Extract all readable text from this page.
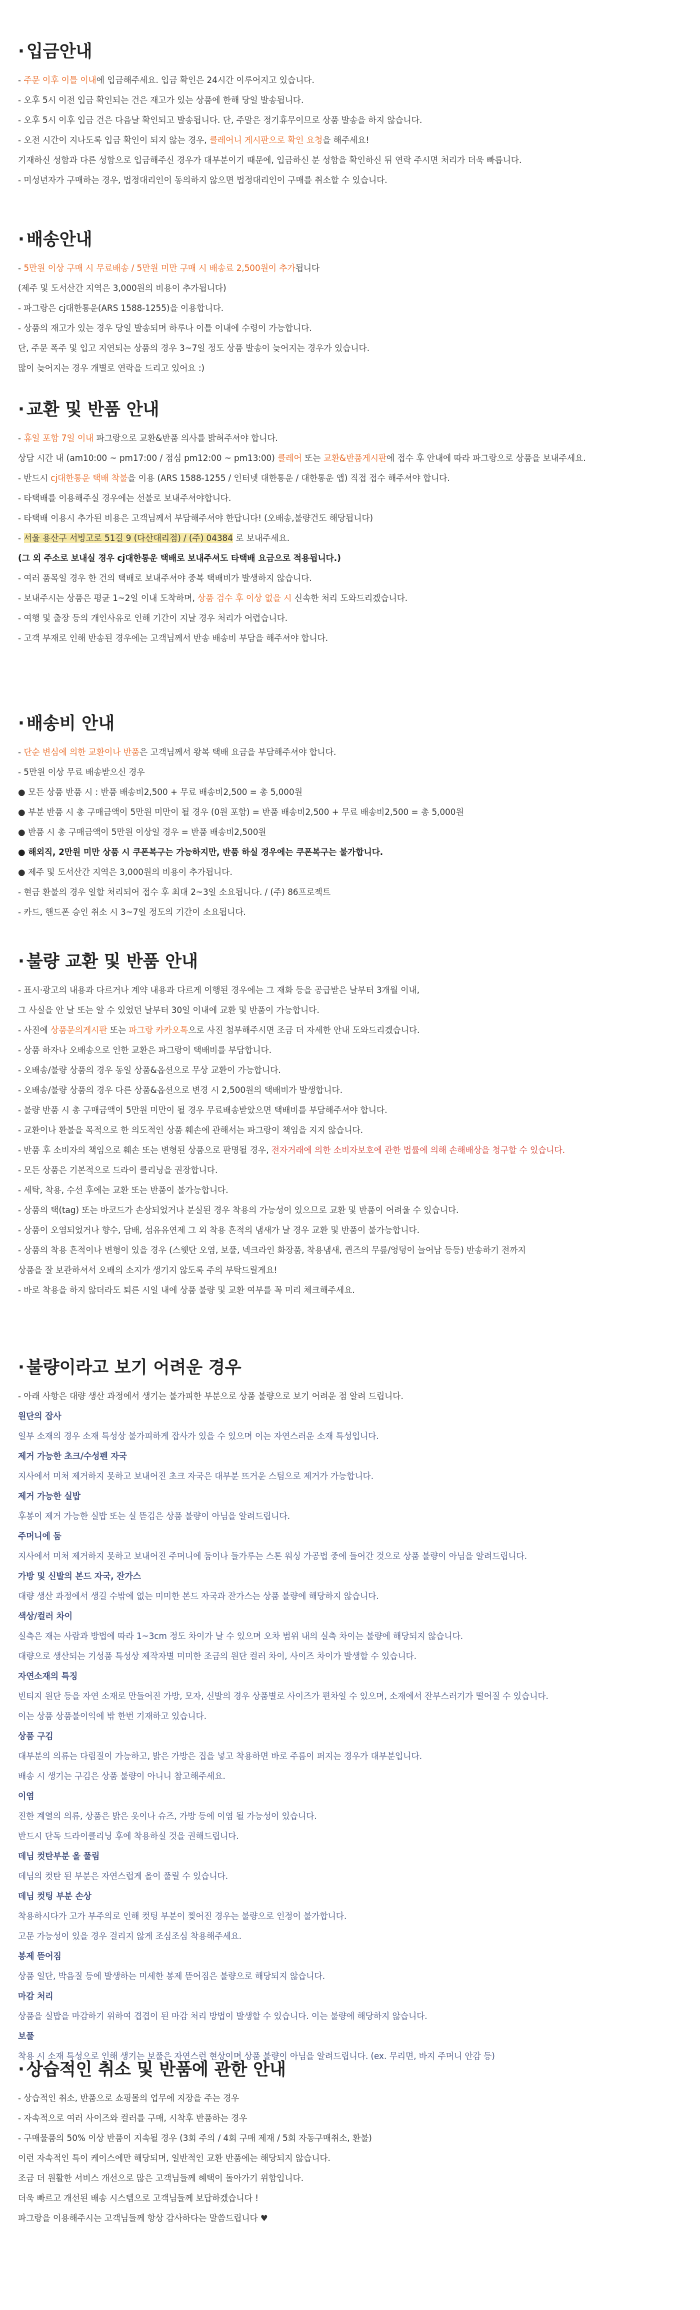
· 입금안내
- 주문 이후 이틀 이내에 입금해주세요. 입금 확인은 24시간 이루어지고 있습니다.
- 오후 5시 이전 입금 확인되는 건은 재고가 있는 상품에 한해 당일 발송됩니다.
- 오후 5시 이후 입금 건은 다음날 확인되고 발송됩니다. 단, 주말은 정기휴무이므로 상품 발송을 하지 않습니다.
- 오전 시간이 지나도록 입금 확인이 되지 않는 경우, 클레어니 게시판으로 확인 요청을 해주세요!
기재하신 성함과 다른 성함으로 입금해주신 경우가 대부분이기 때문에, 입금하신 분 성함을 확인하신 뒤 연락 주시면 처리가 더욱 빠릅니다.
- 미성년자가 구매하는 경우, 법정대리인이 동의하지 않으면 법정대리인이 구매를 취소할 수 있습니다.
· 배송안내
- 5만원 이상 구매 시 무료배송 / 5만원 미만 구매 시 배송료 2,500원이 추가됩니다
(제주 및 도서산간 지역은 3,000원의 비용이 추가됩니다)
- 파그랑은 cj대한통운(ARS 1588-1255)을 이용합니다.
- 상품의 재고가 있는 경우 당일 발송되며 하루나 이틀 이내에 수령이 가능합니다.
단, 주문 폭주 및 입고 지연되는 상품의 경우 3~7일 정도 상품 발송이 늦어지는 경우가 있습니다.
많이 늦어지는 경우 개별로 연락을 드리고 있어요 :)
· 교환 및 반품 안내
- 휴일 포함 7일 이내 파그랑으로 교환&반품 의사를 밝혀주셔야 합니다.
상담 시간 내 (am10:00 ~ pm17:00 / 점심 pm12:00 ~ pm13:00) 클레어 또는 교환&반품게시판에 접수 후 안내에 따라 파그랑으로 상품을 보내주세요.
- 반드시 cj대한통운 택배 착불을 이용 (ARS 1588-1255 / 인터넷 대한통운 / 대한통운 앱) 직접 접수 해주셔야 합니다.
- 타택배를 이용해주실 경우에는 선불로 보내주셔야합니다.
- 타택배 이용시 추가된 비용은 고객님께서 부담해주셔야 한답니다! (오배송,불량건도 해당됩니다)
- 서울 용산구 서빙고로 51길 9 (다산대리점) / (주) 04384 로 보내주세요.
(그 외 주소로 보내실 경우 cj대한통운 택배로 보내주셔도 타택배 요금으로 적용됩니다.)
- 여러 품목일 경우 한 건의 택배로 보내주셔야 중복 택배비가 발생하지 않습니다.
- 보내주시는 상품은 평균 1~2일 이내 도착하며, 상품 검수 후 이상 없을 시 신속한 처리 도와드리겠습니다.
- 여행 및 출장 등의 개인사유로 인해 기간이 지날 경우 처리가 어렵습니다.
- 고객 부재로 인해 반송된 경우에는 고객님께서 반송 배송비 부담을 해주셔야 합니다.
· 배송비 안내
- 단순 변심에 의한 교환이나 반품은 고객님께서 왕복 택배 요금을 부담해주셔야 합니다.
- 5만원 이상 무료 배송받으신 경우
● 모든 상품 반품 시 : 반품 배송비2,500 + 무료 배송비2,500 = 총 5,000원
● 부분 반품 시 총 구매금액이 5만원 미만이 될 경우 (0원 포함) = 반품 배송비2,500 + 무료 배송비2,500 = 총 5,000원
● 반품 시 총 구매금액이 5만원 이상일 경우 = 반품 배송비2,500원
● 해외직, 2만원 미만 상품 시 쿠폰복구는 가능하지만, 반품 하실 경우에는 쿠폰복구는 불가합니다.
● 제주 및 도서산간 지역은 3,000원의 비용이 추가됩니다.
- 현금 환불의 경우 일할 처리되어 접수 후 최대 2~3일 소요됩니다. / (주) 86프로젝트
- 카드, 핸드폰 승인 취소 시 3~7일 정도의 기간이 소요됩니다.
· 불량 교환 및 반품 안내
- 표시·광고의 내용과 다르거나 계약 내용과 다르게 이행된 경우에는 그 재화 등을 공급받은 날부터 3개월 이내,
그 사실을 안 날 또는 알 수 있었던 날부터 30일 이내에 교환 및 반품이 가능합니다.
- 사진에 상품문의게시판 또는 파그랑 카카오톡으로 사진 첨부해주시면 조금 더 자세한 안내 도와드리겠습니다.
- 상품 하자나 오배송으로 인한 교환은 파그랑이 택배비를 부담합니다.
- 오배송/불량 상품의 경우 동일 상품&옵션으로 무상 교환이 가능합니다.
- 오배송/불량 상품의 경우 다른 상품&옵션으로 변경 시 2,500원의 택배비가 발생합니다.
- 불량 반품 시 총 구매금액이 5만원 미만이 될 경우 무료배송받았으면 택배비를 부담해주셔야 합니다.
- 교환이나 환불을 목적으로 한 의도적인 상품 훼손에 관해서는 파그랑이 책임을 지지 않습니다.
- 반품 후 소비자의 책임으로 훼손 또는 변형된 상품으로 판명될 경우, 전자거래에 의한 소비자보호에 관한 법률에 의해 손해배상을 청구할 수 있습니다.
- 모든 상품은 기본적으로 드라이 클리닝을 권장합니다.
- 세탁, 착용, 수선 후에는 교환 또는 반품이 불가능합니다.
- 상품의 택(tag) 또는 바코드가 손상되었거나 분실된 경우 착용의 가능성이 있으므로 교환 및 반품이 어려울 수 있습니다.
- 상품이 오염되었거나 향수, 담배, 섬유유연제 그 외 착용 흔적의 냄새가 날 경우 교환 및 반품이 불가능합니다.
- 상품의 착용 흔적이나 변형이 있을 경우 (스웻단 오염, 보풀, 넥크라인 화장품, 착용냄새, 퀸즈의 무릎/엉덩이 늘어남 등등) 반송하기 전까지
상품을 잘 보관하셔서 오배의 소지가 생기지 않도록 주의 부탁드릴게요!
- 바로 착용을 하지 않더라도 퇴른 시일 내에 상품 불량 및 교환 여부를 꼭 미리 체크해주세요.
· 불량이라고 보기 어려운 경우
- 아래 사항은 대량 생산 과정에서 생기는 불가피한 부분으로 상품 불량으로 보기 어려운 점 알려 드립니다.
원단의 잡사
일부 소재의 경우 소재 특성상 불가피하게 잡사가 있을 수 있으며 이는 자연스러운 소재 특성입니다.
제거 가능한 초크/수성펜 자국
지사에서 미처 제거하지 못하고 보내어진 초크 자국은 대부분 뜨거운 스팀으로 제거가 가능합니다.
제거 가능한 실밥
후봉이 제거 가능한 실밥 또는 실 뜯김은 상품 불량이 아님을 알려드립니다.
주머니에 둠
지사에서 미처 제거하지 못하고 보내어진 주머니에 둠이나 들가루는 스톤 워싱 가공법 중에 들어간 것으로 상품 불량이 아님을 알려드립니다.
가방 및 신발의 본드 자국, 잔가스
대량 생산 과정에서 생길 수밖에 없는 미미한 본드 자국과 잔가스는 상품 불량에 해당하지 않습니다.
색상/컬러 차이
실측은 재는 사람과 방법에 따라 1~3cm 정도 차이가 날 수 있으며 오차 범위 내의 실측 차이는 불량에 해당되지 않습니다.
대량으로 생산되는 기성품 특성상 제작자별 미미한 조금의 원단 컬러 차이, 사이즈 차이가 발생할 수 있습니다.
자연소재의 특징
빈티지 원단 등을 자연 소재로 만들어진 가방, 모자, 신발의 경우 상품별로 사이즈가 편차일 수 있으며, 소재에서 잔부스러기가 떨어질 수 있습니다.
이는 상품 상품불이익에 밖 한번 기재하고 있습니다.
상품 구김
대부분의 의류는 다림질이 가능하고, 밝은 가방은 집을 넣고 착용하면 바로 주름이 퍼지는 경우가 대부분입니다.
배송 시 생기는 구김은 상품 불량이 아니니 참고해주세요.
이염
진한 계열의 의류, 상품은 밝은 옷이나 슈즈, 가방 등에 이염 될 가능성이 있습니다.
반드시 단독 드라이클리닝 후에 착용하실 것을 권해드립니다.
데님 컷탄부분 올 풀림
데님의 컷탄 된 부분은 자연스럽게 올이 풀릴 수 있습니다.
데님 컷팅 부분 손상
착용하시다가 고가 부주의로 인해 컷팅 부분이 찢어진 경우는 불량으로 인정이 불가합니다.
고문 가능성이 있을 경우 걸리지 않게 조심조심 착용해주세요.
봉제 뜯어짐
상품 일단, 박음질 등에 발생하는 미세한 봉제 뜯어짐은 불량으로 해당되지 않습니다.
마감 처리
상품을 실밥을 마감하기 위하여 겹겹이 된 마감 처리 방법이 발생할 수 있습니다. 이는 불량에 해당하지 않습니다.
보풀
착용 시 소재 특성으로 인해 생기는 보풀은 자연스런 현상이며 상품 불량이 아님을 알려드립니다. (ex. 무리면, 바지 주머니 안감 등)
· 상습적인 취소 및 반품에 관한 안내
- 상습적인 취소, 반품으로 쇼핑몰의 업무에 지장을 주는 경우
- 자속적으로 여러 사이즈와 컬러를 구매, 시착후 반품하는 경우
- 구매물품의 50% 이상 반품이 지속될 경우 (3회 주의 / 4회 구매 제재 / 5회 자동구매취소, 환불)
이런 자속적인 특이 케이스에만 해당되며, 일반적인 교환 반품에는 해당되지 않습니다.
조금 더 원활한 서비스 개선으로 많은 고객님들께 혜택이 돌아가기 위함입니다.
더욱 빠르고 개선된 배송 시스템으로 고객님들께 보답하겠습니다 !
파그랑을 이용해주시는 고객님들께 항상 감사하다는 말씀드립니다 ♥
